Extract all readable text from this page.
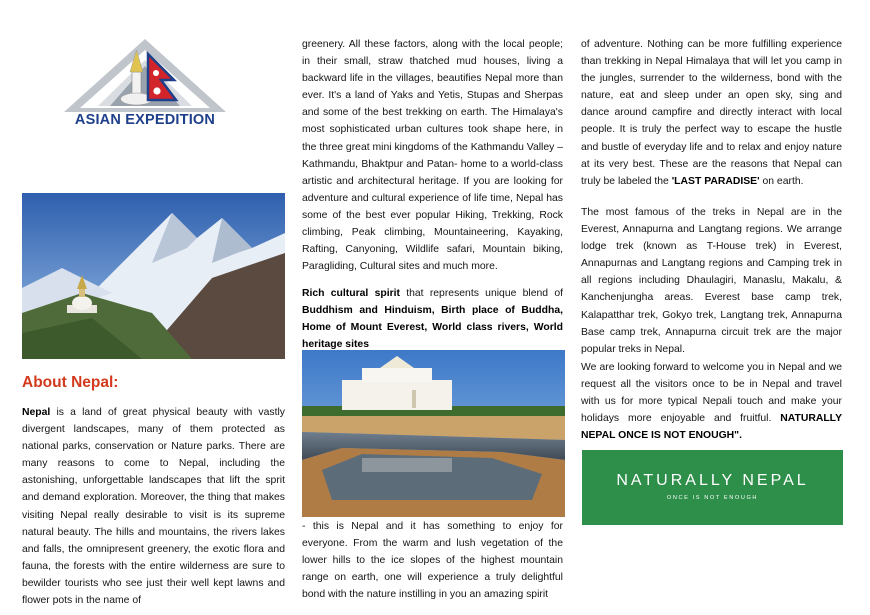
ASIAN EXPEDITION
About Nepal:

Nepal is a land of great physical beauty with vastly divergent landscapes, many of them protected as national parks, conservation or Nature parks. There are many reasons to come to Nepal, including the astonishing, unforgettable landscapes that lift the sprit and demand exploration. Moreover, the thing that makes visiting Nepal really desirable to visit is its supreme natural beauty. The hills and mountains, the rivers lakes and falls, the omnipresent greenery, the exotic flora and fauna, the forests with the entire wilderness are sure to bewilder tourists who see just their well kept lawns and flower pots in the name of

greenery. All these factors, along with the local people; in their small, straw thatched mud houses, living a backward life in the villages, beautifies Nepal more than ever. It's a land of Yaks and Yetis, Stupas and Sherpas and some of the best trekking on earth. The Himalaya's most sophisticated urban cultures took shape here, in the three great mini kingdoms of the Kathmandu Valley –Kathmandu, Bhaktpur and Patan- home to a world-class artistic and architectural heritage. If you are looking for adventure and cultural experience of life time, Nepal has some of the best ever popular Hiking, Trekking, Rock climbing, Peak climbing, Mountaineering, Kayaking, Rafting, Canyoning, Wildlife safari, Mountain biking, Paragliding, Cultural sites and much more.

Rich cultural spirit that represents unique blend of Buddhism and Hinduism, Birth place of Buddha, Home of Mount Everest, World class rivers, World heritage sites

- this is Nepal and it has something to enjoy for everyone. From the warm and lush vegetation of the lower hills to the ice slopes of the highest mountain range on earth, one will experience a truly delightful bond with the nature instilling in you an amazing spirit

of adventure. Nothing can be more fulfilling experience than trekking in Nepal Himalaya that will let you camp in the jungles, surrender to the wilderness, bond with the nature, eat and sleep under an open sky, sing and dance around campfire and directly interact with local people. It is truly the perfect way to escape the hustle and bustle of everyday life and to relax and enjoy nature at its very best. These are the reasons that Nepal can truly be labeled the 'LAST PARADISE' on earth.

The most famous of the treks in Nepal are in the Everest, Annapurna and Langtang regions. We arrange lodge trek (known as T-House trek) in Everest, Annapurnas and Langtang regions and Camping trek in all regions including Dhaulagiri, Manaslu, Makalu, & Kanchenjungha areas. Everest base camp trek, Kalapatthar trek, Gokyo trek, Langtang trek, Annapurna Base camp trek, Annapurna circuit trek are the major popular treks in Nepal.

We are looking forward to welcome you in Nepal and we request all the visitors once to be in Nepal and travel with us for more typical Nepali touch and make your holidays more enjoyable and fruitful. NATURALLY NEPAL ONCE IS NOT ENOUGH".

NATURALLY NEPAL
ONCE IS NOT ENOUGH
